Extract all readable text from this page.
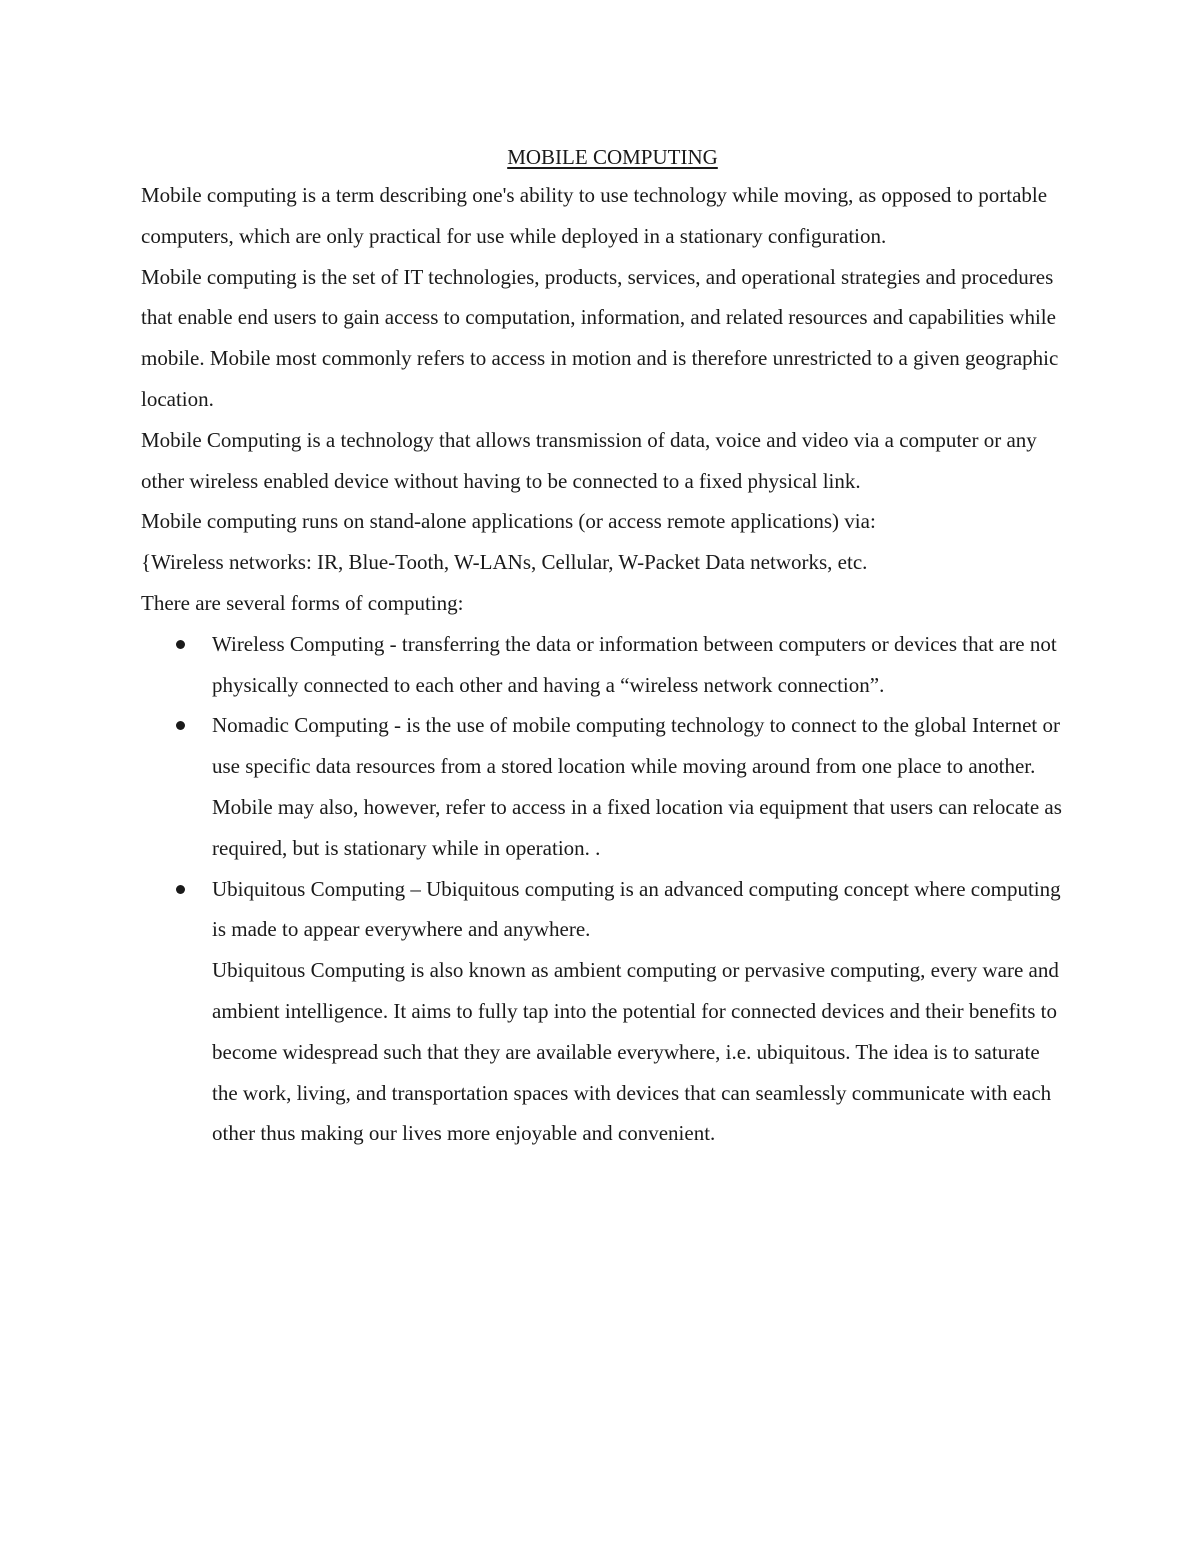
MOBILE COMPUTING

Mobile computing is a term describing one's ability to use technology while moving, as opposed to portable computers, which are only practical for use while deployed in a stationary configuration.

Mobile computing is the set of IT technologies, products, services, and operational strategies and procedures that enable end users to gain access to computation, information, and related resources and capabilities while mobile. Mobile most commonly refers to access in motion and is therefore unrestricted to a given geographic location.

Mobile Computing is a technology that allows transmission of data, voice and video via a computer or any other wireless enabled device without having to be connected to a fixed physical link.

Mobile computing runs on stand-alone applications (or access remote applications) via:

{Wireless networks: IR, Blue-Tooth, W-LANs, Cellular, W-Packet Data networks, etc.

There are several forms of computing:

Wireless Computing - transferring the data or information between computers or devices that are not physically connected to each other and having a “wireless network connection”.
Nomadic Computing - is the use of mobile computing technology to connect to the global Internet or use specific data resources from a stored location while moving around from one place to another.
Mobile may also, however, refer to access in a fixed location via equipment that users can relocate as required, but is stationary while in operation. .
Ubiquitous Computing – Ubiquitous computing is an advanced computing concept where computing is made to appear everywhere and anywhere.
Ubiquitous Computing is also known as ambient computing or pervasive computing, every ware and ambient intelligence. It aims to fully tap into the potential for connected devices and their benefits to become widespread such that they are available everywhere, i.e. ubiquitous. The idea is to saturate the work, living, and transportation spaces with devices that can seamlessly communicate with each other thus making our lives more enjoyable and convenient.
